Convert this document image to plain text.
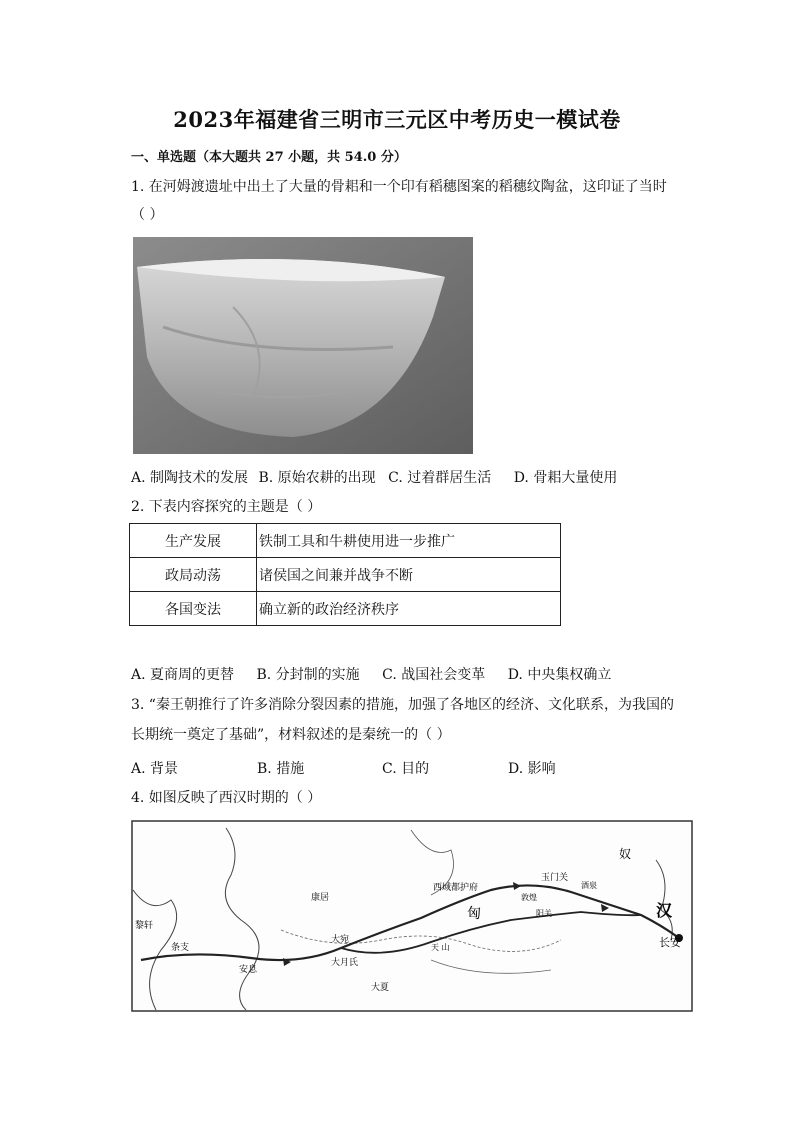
2023年福建省三明市三元区中考历史一模试卷
一、单选题（本大题共 27 小题，共 54.0 分）
1. 在河姆渡遗址中出土了大量的骨耜和一个印有稻穗图案的稻穗纹陶盆，这印证了当时
（ ）
A. 制陶技术的发展 B. 原始农耕的出现 C. 过着群居生活 D. 骨耜大量使用
2. 下表内容探究的主题是（ ）
生产发展	铁制工具和牛耕使用进一步推广
政局动荡	诸侯国之间兼并战争不断
各国变法	确立新的政治经济秩序
A. 夏商周的更替 B. 分封制的实施 C. 战国社会变革 D. 中央集权确立
3. “秦王朝推行了许多消除分裂因素的措施，加强了各地区的经济、文化联系，为我国的
长期统一奠定了基础”，材料叙述的是秦统一的（ ）
A. 背景	B. 措施	C. 目的	D. 影响
4. 如图反映了西汉时期的（ ）
西域都护府
玉门关
酒泉
敦煌
阳关	汉
长安
匈
奴
天 山
大宛
康居
大月氏
安息
大夏
条支
黎轩
